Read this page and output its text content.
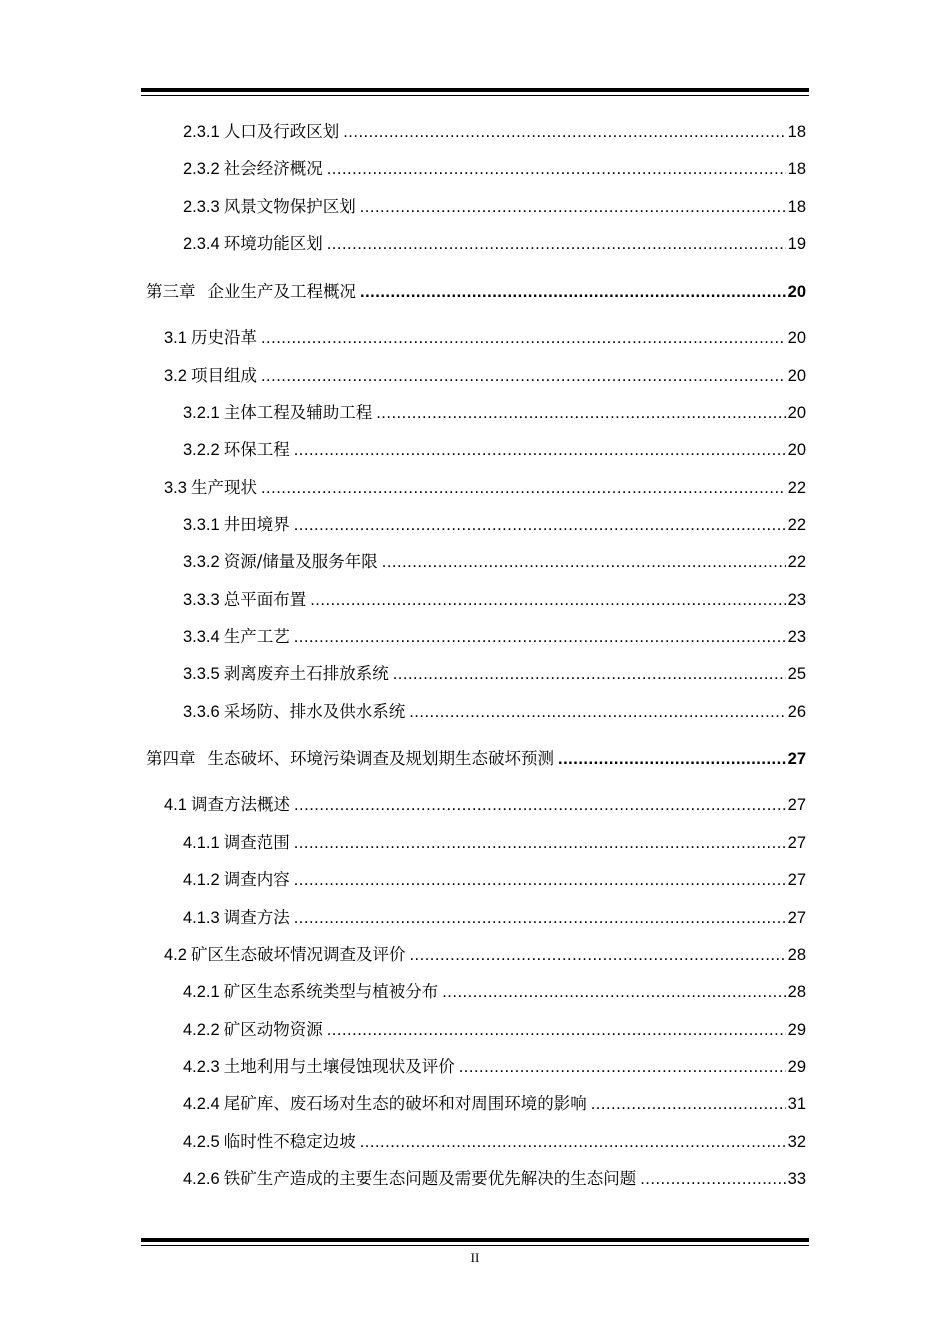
2.3.1 人口及行政区划 .....	18
2.3.2 社会经济概况 .....	18
2.3.3 风景文物保护区划 .....	18
2.3.4 环境功能区划 .....	19
第三章 企业生产及工程概况 .....	20
3.1 历史沿革 .....	20
3.2 项目组成 .....	20
3.2.1 主体工程及辅助工程 .....	20
3.2.2 环保工程 .....	20
3.3 生产现状 .....	22
3.3.1 井田境界 .....	22
3.3.2 资源/储量及服务年限 .....	22
3.3.3 总平面布置 .....	23
3.3.4 生产工艺 .....	23
3.3.5 剥离废弃土石排放系统 .....	25
3.3.6 采场防、排水及供水系统 .....	26
第四章 生态破坏、环境污染调查及规划期生态破坏预测 .....	27
4.1 调查方法概述 .....	27
4.1.1 调查范围 .....	27
4.1.2 调查内容 .....	27
4.1.3 调查方法 .....	27
4.2 矿区生态破坏情况调查及评价 .....	28
4.2.1 矿区生态系统类型与植被分布 .....	28
4.2.2 矿区动物资源 .....	29
4.2.3 土地利用与土壤侵蚀现状及评价 .....	29
4.2.4 尾矿库、废石场对生态的破坏和对周围环境的影响 .....	31
4.2.5 临时性不稳定边坡 .....	32
4.2.6 铁矿生产造成的主要生态问题及需要优先解决的生态问题 .....	33
II
